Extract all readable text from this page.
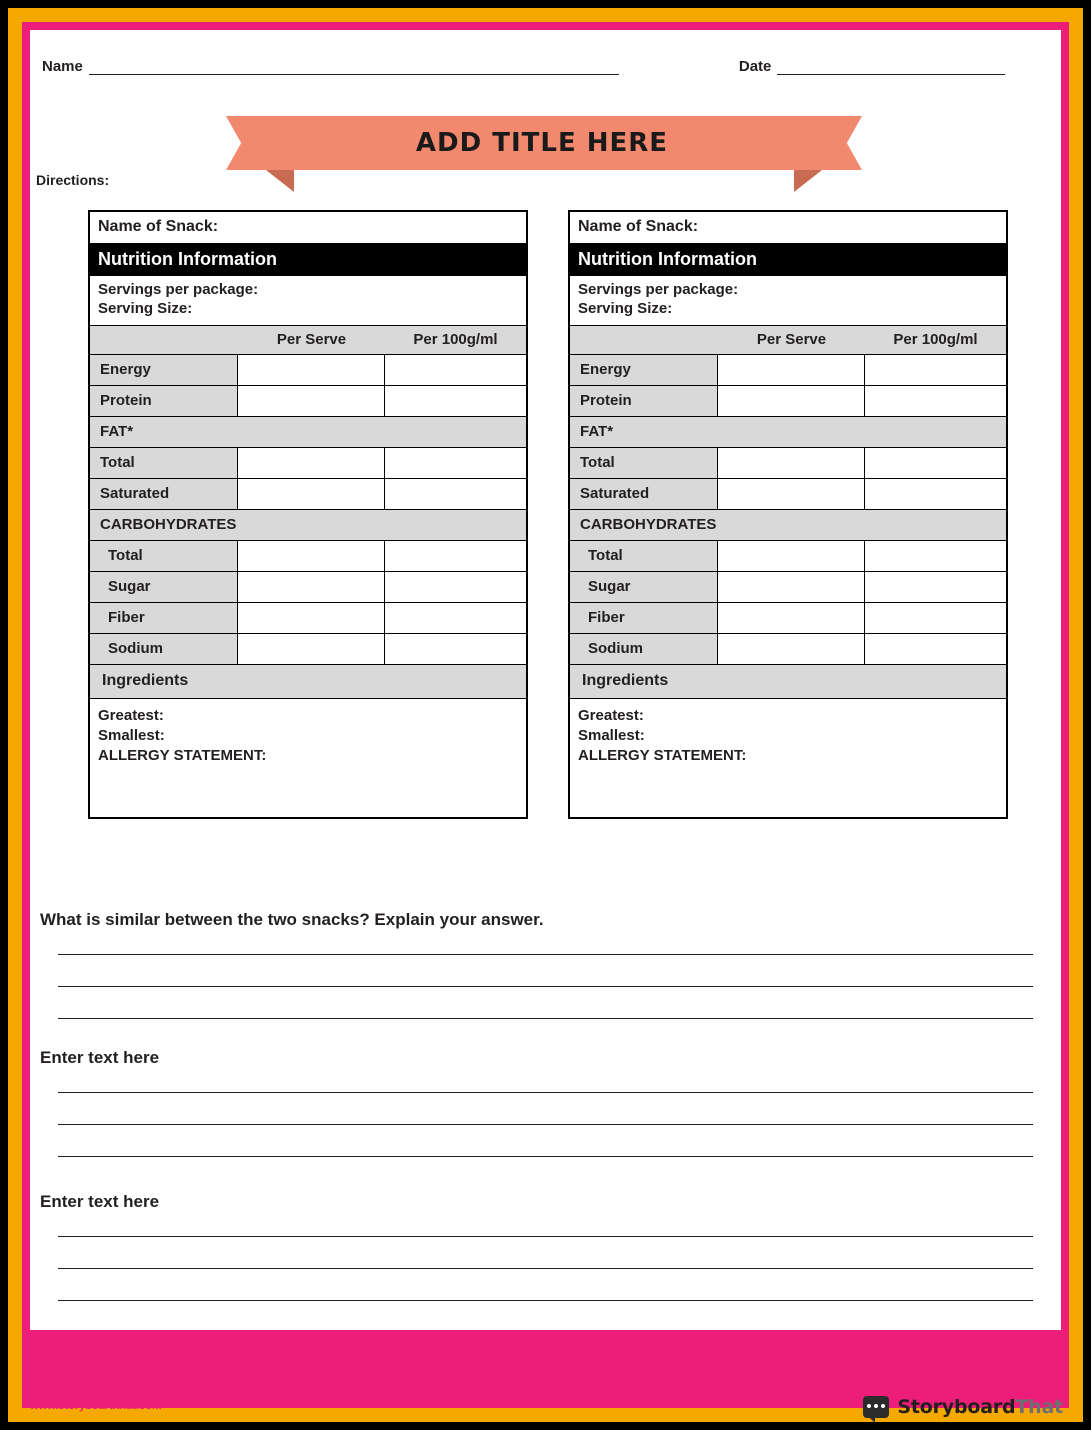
Name	Date
ADD TITLE HERE
Directions:
Name of Snack:
Nutrition Information
Servings per package:
Serving Size:
Per Serve	Per 100g/ml
Energy
Protein
FAT*
Total
Saturated
CARBOHYDRATES
Total
Sugar
Fiber
Sodium
Ingredients
Greatest:
Smallest:
ALLERGY STATEMENT:
Name of Snack:
Nutrition Information
Servings per package:
Serving Size:
Per Serve	Per 100g/ml
Energy
Protein
FAT*
Total
Saturated
CARBOHYDRATES
Total
Sugar
Fiber
Sodium
Ingredients
Greatest:
Smallest:
ALLERGY STATEMENT:
What is similar between the two snacks? Explain your answer.
Enter text here
Enter text here
www.storyboardthat.com	StoryboardThat
